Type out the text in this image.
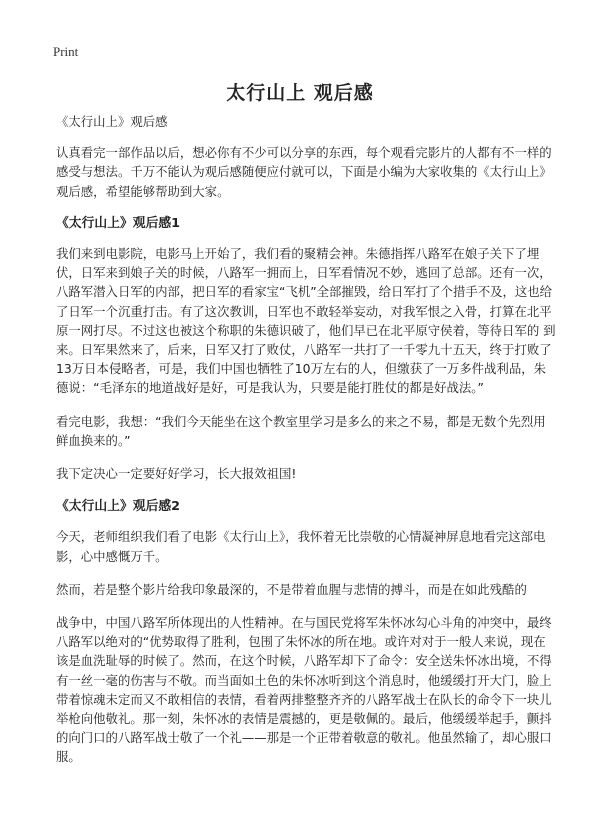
Print
太行山上 观后感

《太行山上》观后感

认真看完一部作品以后，想必你有不少可以分享的东西，每个观看完影片的人都有不一样的感受与想法。千万不能认为观后感随便应付就可以，下面是小编为大家收集的《太行山上》观后感，希望能够帮助到大家。

《太行山上》观后感1

我们来到电影院，电影马上开始了，我们看的聚精会神。朱德指挥八路军在娘子关下了埋伏，日军来到娘子关的时候，八路军一拥而上，日军看情况不妙，逃回了总部。还有一次，八路军潜入日军的内部，把日军的看家宝“飞机”全部摧毁，给日军打了个措手不及，这也给了日军一个沉重打击。有了这次教训，日军也不敢轻举妄动，对我军恨之入骨，打算在北平原一网打尽。不过这也被这个称职的朱德识破了，他们早已在北平原守侯着，等待日军的 到来。日军果然来了，后来，日军又打了败仗，八路军一共打了一千零九十五天，终于打败了13万日本侵略者，可是，我们中国也牺牲了10万左右的人，但缴获了一万多件战利品，朱德说：“毛泽东的地道战好是好，可是我认为，只要是能打胜仗的都是好战法。”

看完电影，我想：“我们今天能坐在这个教室里学习是多么的来之不易，都是无数个先烈用鲜血换来的。”

我下定决心一定要好好学习，长大报效祖国!

《太行山上》观后感2

今天，老师组织我们看了电影《太行山上》，我怀着无比崇敬的心情凝神屏息地看完这部电影，心中感慨万千。

然而，若是整个影片给我印象最深的，不是带着血腥与悲情的搏斗，而是在如此残酷的

战争中，中国八路军所体现出的人性精神。在与国民党将军朱怀冰勾心斗角的冲突中，最终八路军以绝对的“优势取得了胜利，包围了朱怀冰的所在地。或许对对于一般人来说，现在该是血洗耻辱的时候了。然而，在这个时候，八路军却下了命令：安全送朱怀冰出境，不得有一丝一毫的伤害与不敬。而当面如土色的朱怀冰听到这个消息时，他缓缓打开大门，脸上带着惊魂未定而又不敢相信的表情，看着两排整整齐齐的八路军战士在队长的命令下一块儿举枪向他敬礼。那一刻，朱怀冰的表情是震撼的，更是敬佩的。最后，他缓缓举起手，颤抖的向门口的八路军战士敬了一个礼——那是一个正带着敬意的敬礼。他虽然输了，却心服口服。
